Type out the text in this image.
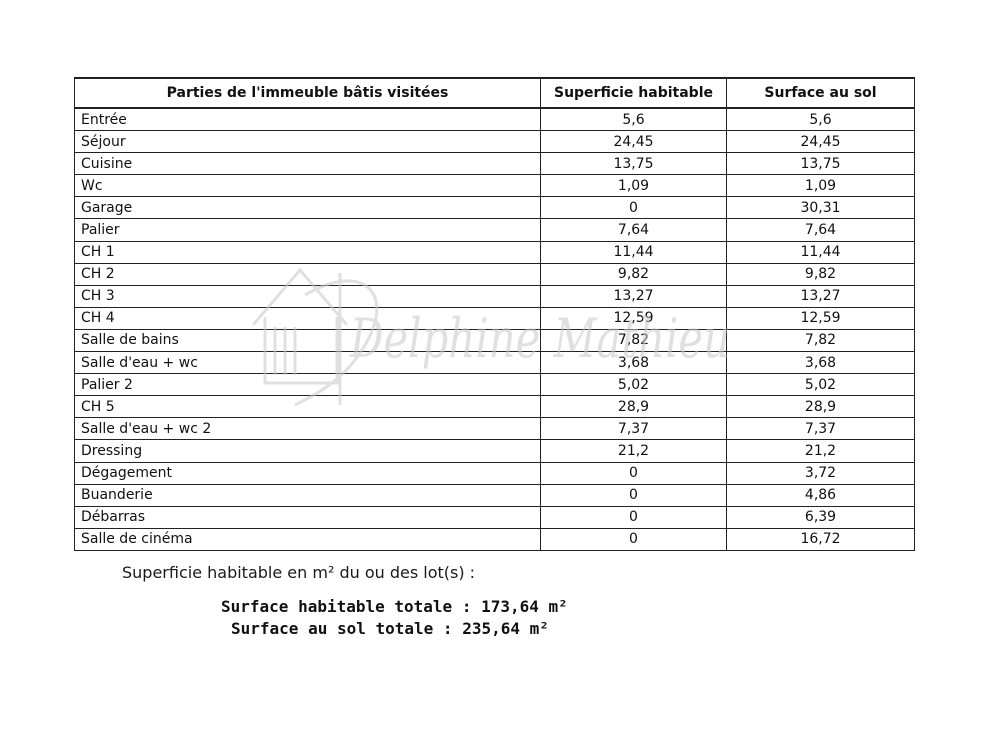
Parties de l'immeuble bâtis visitées	Superficie habitable	Surface au sol
Entrée	5,6	5,6
Séjour	24,45	24,45
Cuisine	13,75	13,75
Wc	1,09	1,09
Garage	0	30,31
Palier	7,64	7,64
CH 1	11,44	11,44
CH 2	9,82	9,82
CH 3	13,27	13,27
CH 4	12,59	12,59
Salle de bains	7,82	7,82
Salle d'eau + wc	3,68	3,68
Palier 2	5,02	5,02
CH 5	28,9	28,9
Salle d'eau + wc 2	7,37	7,37
Dressing	21,2	21,2
Dégagement	0	3,72
Buanderie	0	4,86
Débarras	0	6,39
Salle de cinéma	0	16,72
Delphine Mathieu
Superficie habitable en m² du ou des lot(s) :
Surface habitable totale : 173,64 m²
Surface au sol totale : 235,64 m²
